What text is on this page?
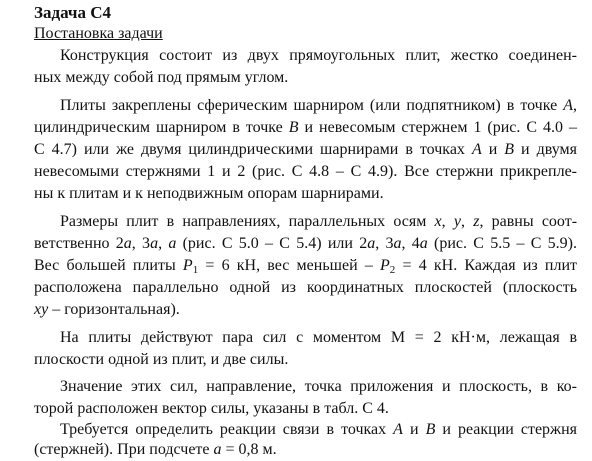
Задача С4
Постановка задачи
Конструкция состоит из двух прямоугольных плит, жестко соединен-
ных между собой под прямым углом.
Плиты закреплены сферическим шарниром (или подпятником) в точке A,
цилиндрическим шарниром в точке B и невесомым стержнем 1 (рис. С 4.0 –
С 4.7) или же двумя цилиндрическими шарнирами в точках A и B и двумя
невесомыми стержнями 1 и 2 (рис. С 4.8 – С 4.9). Все стержни прикрепле-
ны к плитам и к неподвижным опорам шарнирами.
Размеры плит в направлениях, параллельных осям x, y, z, равны соот-
ветственно 2a, 3a, a (рис. С 5.0 – С 5.4) или 2a, 3a, 4a (рис. С 5.5 – С 5.9).
Вес большей плиты $P_1 = 6$ кН, вес меньшей – $P_2 = 4$ кН. Каждая из плит
расположена параллельно одной из координатных плоскостей (плоскость
xy – горизонтальная).
На плиты действуют пара сил с моментом М = 2 кН·м, лежащая в
плоскости одной из плит, и две силы.
Значение этих сил, направление, точка приложения и плоскость, в ко-
торой расположен вектор силы, указаны в табл. С 4.
Требуется определить реакции связи в точках A и B и реакции стержня
(стержней). При подсчете a = 0,8 м.
